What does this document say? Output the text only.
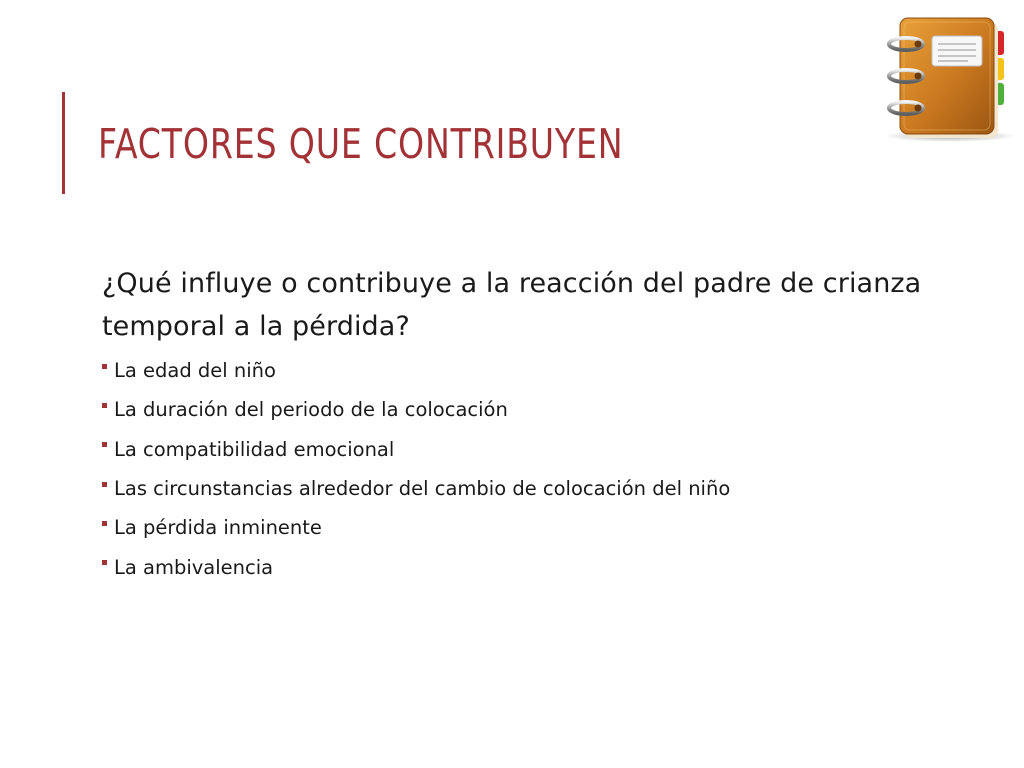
FACTORES QUE CONTRIBUYEN

¿Qué influye o contribuye a la reacción del padre de crianza temporal a la pérdida?

La edad del niño
La duración del periodo de la colocación
La compatibilidad emocional
Las circunstancias alrededor del cambio de colocación del niño
La pérdida inminente
La ambivalencia
